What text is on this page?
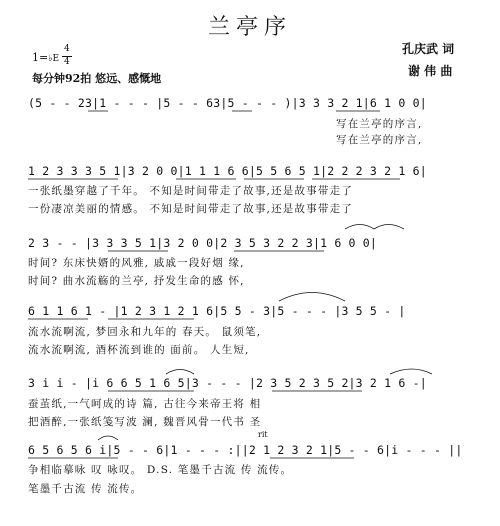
兰亭序
孔庆武 词
谢 伟 曲
1=♭E
4
4
每分钟92拍 悠远、感慨地
(5 - - 23|1 - - - |5 - - 63|5 - - - )|3 3 3 2 1|6 1 0 0|
写在兰亭的序言,
写在兰亭的序言,
1 2 3 3 3 5 1|3 2 0 0|1 1 1 6 6|5 5 6 5 1|2 2 2 3 2 1 6|
一张纸墨穿越了千年。 不知是时间带走了故事,还是故事带走了
一份凄凉美丽的情感。 不知是时间带走了故事,还是故事带走了
2 3 - - |3 3 3 5 1|3 2 0 0|2 3 5 3 2 2 3|1 6 0 0|
时间? 东床快婿的风雅, 戚戚一段好烟 缘,
时间? 曲水流觞的兰亭, 抒发生命的感 怀,
6 1 1 6 1 - |1 2 3 1 2 1 6|5 5 - 3|5 - - - |3 5 5 - |
流水流啊流, 梦回永和九年的 春天。 鼠须笔,
流水流啊流, 酒杯流到谁的 面前。 人生短,
3 i i - |i 6 6 5 1 6 5|3 - - - |2 3 5 2 3 5 2|3 2 1 6 -|
蚕茧纸,一气呵成的诗 篇, 古往今来帝王将 相
把酒醉,一张纸笺写波 澜, 魏晋风骨一代书 圣
rit
6 5 6 5 6 i|5 - - 6|1 - - - :||2 1 2 3 2 1|5 - - 6|i - - - ||
争相临摹咏 叹 咏叹。 D.S. 笔墨千古流 传 流传。
笔墨千古流 传 流传。
